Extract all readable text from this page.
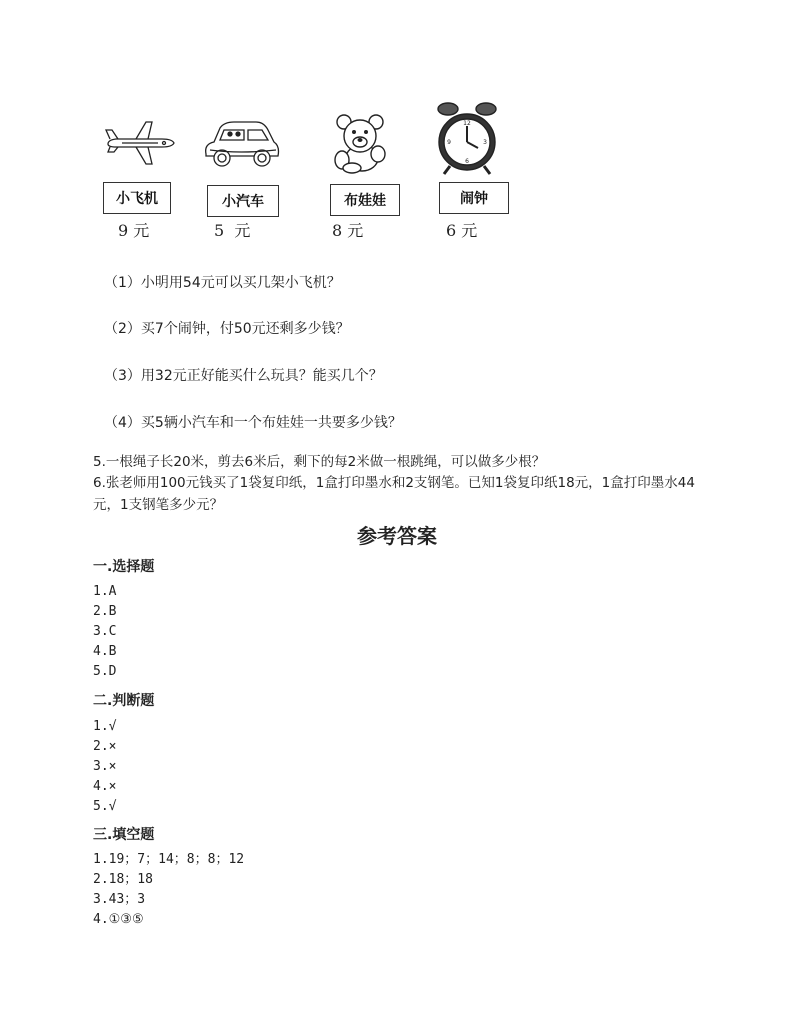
12
3
6
9
小飞机	小汽车	布娃娃	闹钟
9 元	5  元	8 元	6 元
（1）小明用54元可以买几架小飞机？
（2）买7个闹钟，付50元还剩多少钱？
（3）用32元正好能买什么玩具？能买几个？
（4）买5辆小汽车和一个布娃娃一共要多少钱？
5.一根绳子长20米，剪去6米后，剩下的每2米做一根跳绳，可以做多少根？
6.张老师用100元钱买了1袋复印纸，1盒打印墨水和2支钢笔。已知1袋复印纸18元，1盒打印墨水44元，1支钢笔多少元？
参考答案
一.选择题
1.A
2.B
3.C
4.B
5.D
二.判断题
1.√
2.×
3.×
4.×
5.√
三.填空题
1.19；7；14；8；8；12
2.18；18
3.43；3
4.①③⑤
